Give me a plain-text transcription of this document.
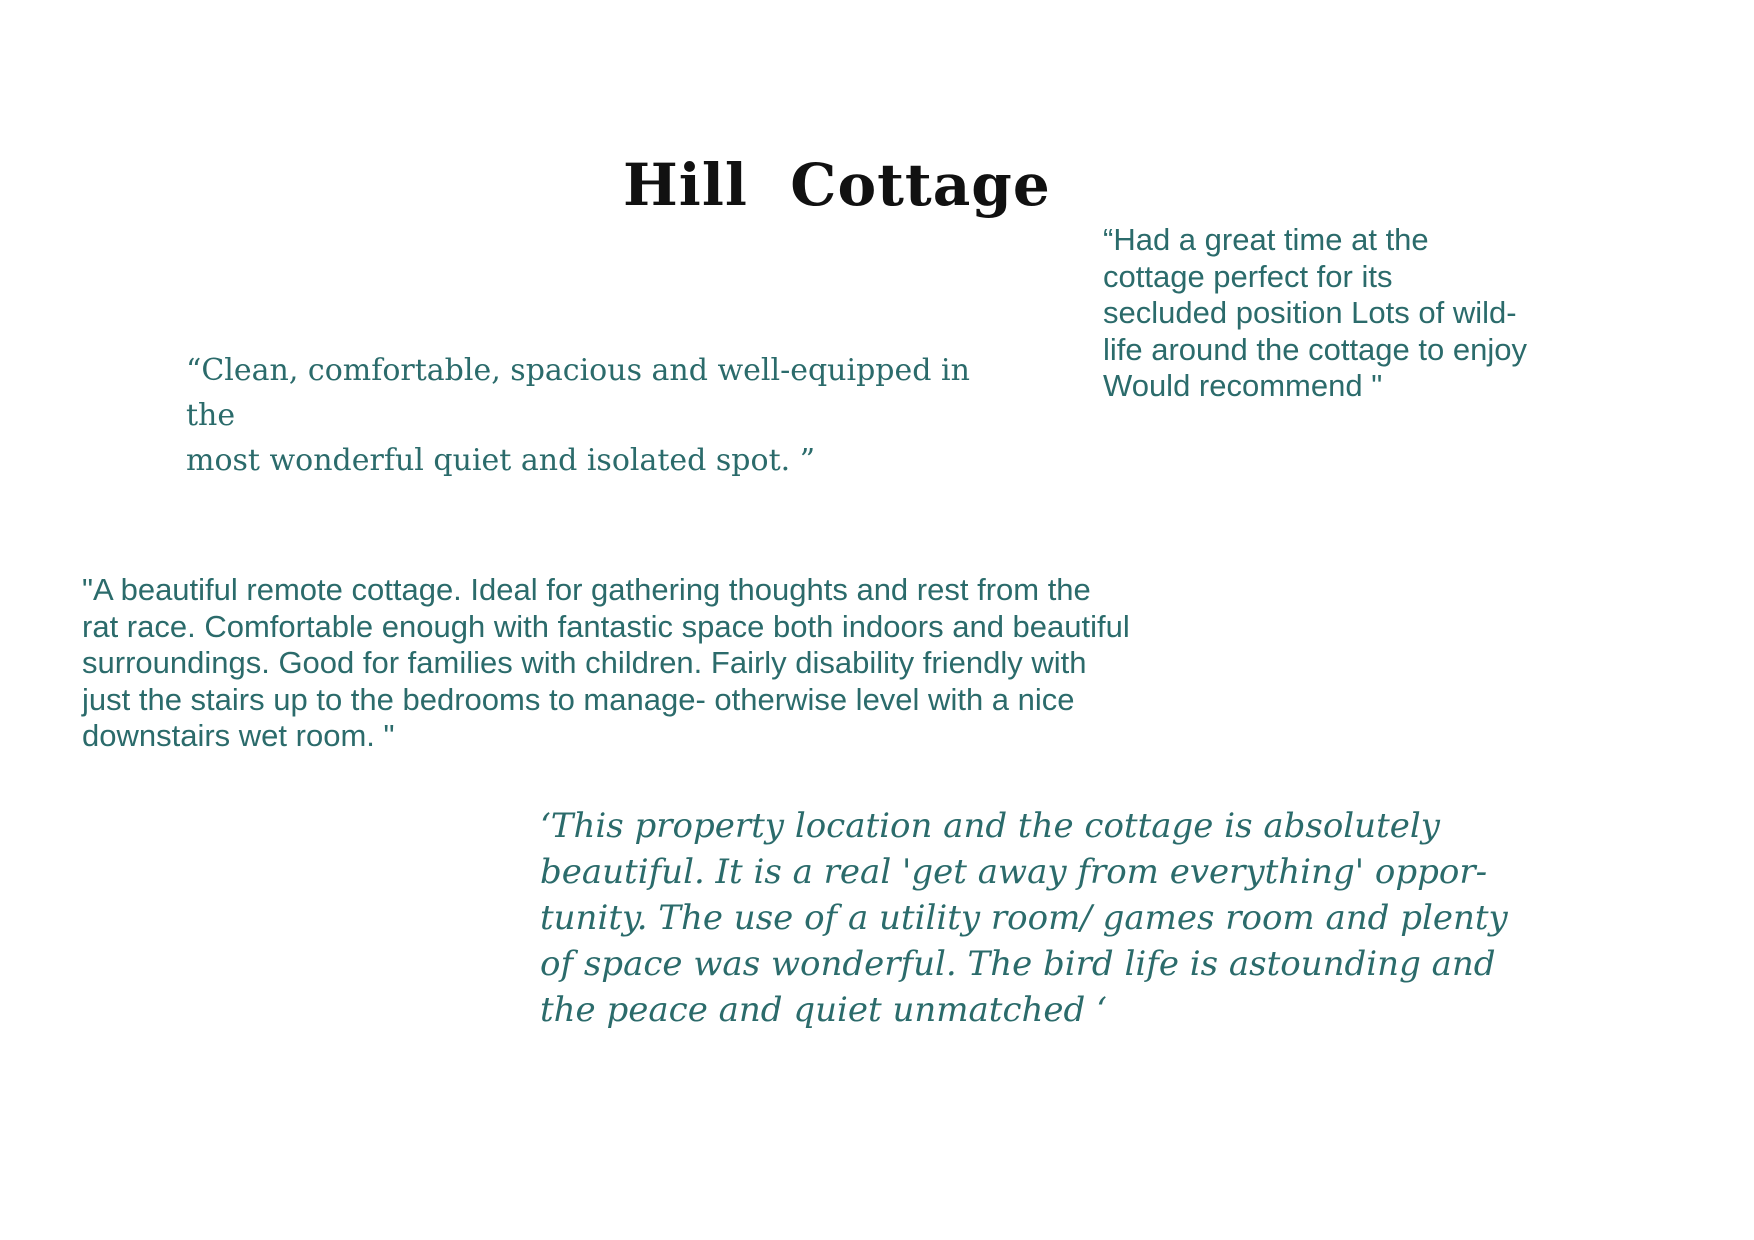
Hill  Cottage

“Clean, comfortable, spacious and well-equipped in the
most wonderful quiet and isolated spot. ”

“Had a great time at the
cottage perfect for its
secluded position Lots of wild-
life around the cottage to enjoy
Would recommend "

"A beautiful remote cottage. Ideal for gathering thoughts and rest from the
rat race. Comfortable enough with fantastic space both indoors and beautiful
surroundings. Good for families with children. Fairly disability friendly with
just the stairs up to the bedrooms to manage- otherwise level with a nice
downstairs wet room. "

‘This property location and the cottage is absolutely
beautiful. It is a real 'get away from everything' oppor-
tunity. The use of a utility room/ games room and plenty
of space was wonderful. The bird life is astounding and
the peace and quiet unmatched ‘
